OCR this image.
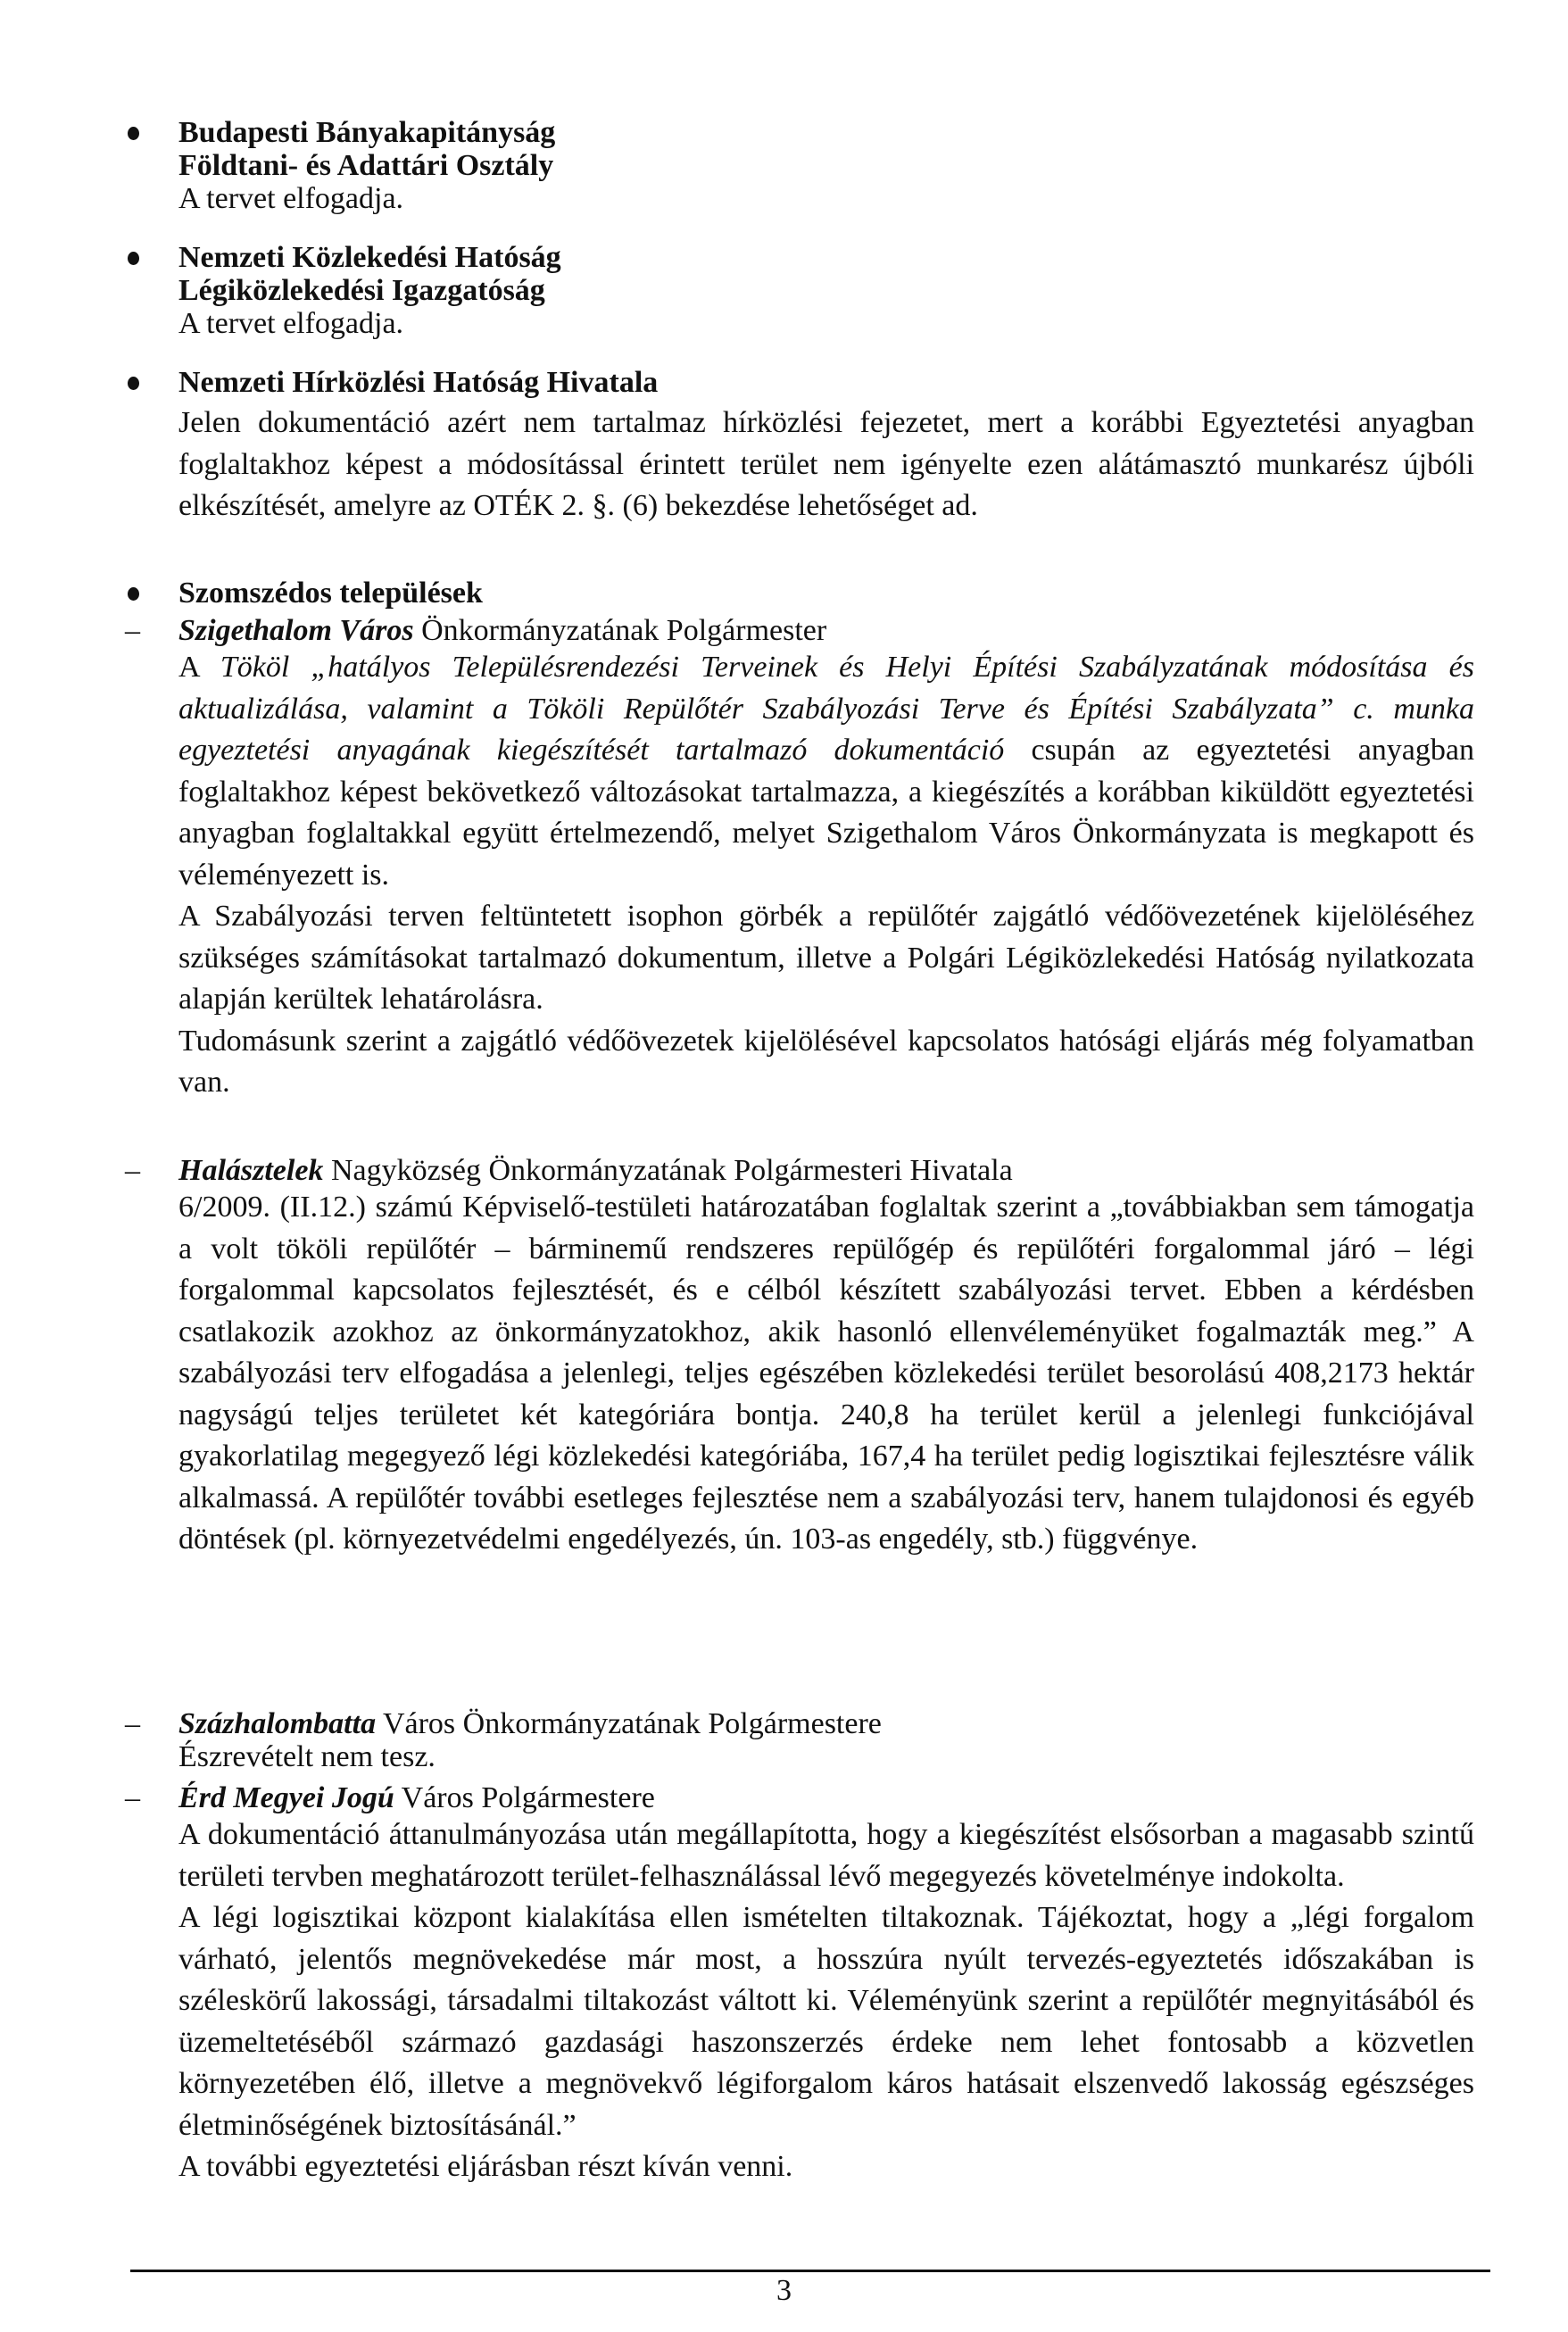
Budapesti Bányakapitányság

Földtani- és Adattári Osztály

A tervet elfogadja.

Nemzeti Közlekedési Hatóság

Légiközlekedési Igazgatóság

A tervet elfogadja.

Nemzeti Hírközlési Hatóság Hivatala

Jelen dokumentáció azért nem tartalmaz hírközlési fejezetet, mert a korábbi Egyeztetési anyagban foglaltakhoz képest a módosítással érintett terület nem igényelte ezen alátámasztó munkarész újbóli elkészítését, amelyre az OTÉK 2. §. (6) bekezdése lehetőséget ad.

Szomszédos települések

– Szigethalom Város Önkormányzatának Polgármester

A Tököl „hatályos Településrendezési Terveinek és Helyi Építési Szabályzatának módosítása és aktualizálása, valamint a Tököli Repülőtér Szabályozási Terve és Építési Szabályzata” c. munka egyeztetési anyagának kiegészítését tartalmazó dokumentáció csupán az egyeztetési anyagban foglaltakhoz képest bekövetkező változásokat tartalmazza, a kiegészítés a korábban kiküldött egyeztetési anyagban foglaltakkal együtt értelmezendő, melyet Szigethalom Város Önkormányzata is megkapott és véleményezett is.

A Szabályozási terven feltüntetett isophon görbék a repülőtér zajgátló védőövezetének kijelöléséhez szükséges számításokat tartalmazó dokumentum, illetve a Polgári Légiközlekedési Hatóság nyilatkozata alapján kerültek lehatárolásra.

Tudomásunk szerint a zajgátló védőövezetek kijelölésével kapcsolatos hatósági eljárás még folyamatban van.

– Halásztelek Nagyközség Önkormányzatának Polgármesteri Hivatala

6/2009. (II.12.) számú Képviselő-testületi határozatában foglaltak szerint a „továbbiakban sem támogatja a volt tököli repülőtér – bárminemű rendszeres repülőgép és repülőtéri forgalommal járó – légi forgalommal kapcsolatos fejlesztését, és e célból készített szabályozási tervet. Ebben a kérdésben csatlakozik azokhoz az önkormányzatokhoz, akik hasonló ellenvéleményüket fogalmazták meg.” A szabályozási terv elfogadása a jelenlegi, teljes egészében közlekedési terület besorolású 408,2173 hektár nagyságú teljes területet két kategóriára bontja. 240,8 ha terület kerül a jelenlegi funkciójával gyakorlatilag megegyező légi közlekedési kategóriába, 167,4 ha terület pedig logisztikai fejlesztésre válik alkalmassá. A repülőtér további esetleges fejlesztése nem a szabályozási terv, hanem tulajdonosi és egyéb döntések (pl. környezetvédelmi engedélyezés, ún. 103-as engedély, stb.) függvénye.

– Százhalombatta Város Önkormányzatának Polgármestere

Észrevételt nem tesz.

– Érd Megyei Jogú Város Polgármestere

A dokumentáció áttanulmányozása után megállapította, hogy a kiegészítést elsősorban a magasabb szintű területi tervben meghatározott terület-felhasználással lévő megegyezés követelménye indokolta.

A légi logisztikai központ kialakítása ellen ismételten tiltakoznak. Tájékoztat, hogy a „légi forgalom várható, jelentős megnövekedése már most, a hosszúra nyúlt tervezés-egyeztetés időszakában is széleskörű lakossági, társadalmi tiltakozást váltott ki. Véleményünk szerint a repülőtér megnyitásából és üzemeltetéséből származó gazdasági haszonszerzés érdeke nem lehet fontosabb a közvetlen környezetében élő, illetve a megnövekvő légiforgalom káros hatásait elszenvedő lakosság egészséges életminőségének biztosításánál.”

A további egyeztetési eljárásban részt kíván venni.

3
